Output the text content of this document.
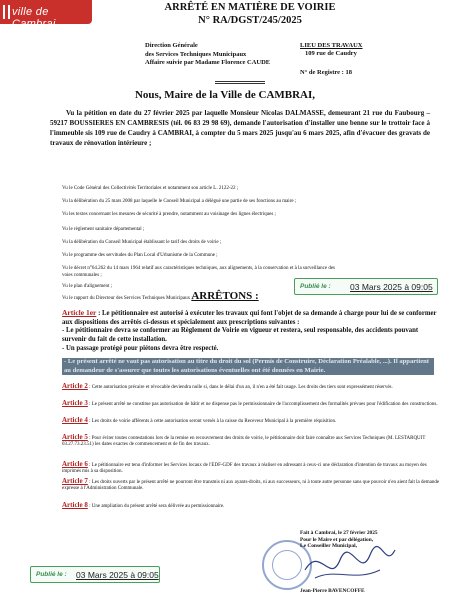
ville de Cambrai
ARRÊTÉ EN MATIÈRE DE VOIRIE
N° RA/DGST/245/2025
Direction Générale
des Services Techniques Municipaux
Affaire suivie par Madame Florence CAUDE
LIEU DES TRAVAUX
109 rue de Caudry
N° de Registre : 18
Nous, Maire de la Ville de CAMBRAI,
Vu la pétition en date du 27 février 2025 par laquelle Monsieur Nicolas DALMASSE, demeurant 21 rue du Faubourg – 59217 BOUSSIERES EN CAMBRESIS (tél. 06 83 29 98 69), demande l'autorisation d'installer une benne sur le trottoir face à l'immeuble sis 109 rue de Caudry à CAMBRAI, à compter du 5 mars 2025 jusqu'au 6 mars 2025, afin d'évacuer des gravats de travaux de rénovation intérieure ;
Vu le Code Général des Collectivités Territoriales et notamment son article L. 2122-22 ;
Vu la délibération du 25 mars 2008 par laquelle le Conseil Municipal a délégué une partie de ses fonctions au maire ;
Vu les textes concernant les mesures de sécurité à prendre, notamment au voisinage des lignes électriques ;
Vu le règlement sanitaire départemental ;
Vu la délibération du Conseil Municipal établissant le tarif des droits de voirie ;
Vu le programme des servitudes du Plan Local d'Urbanisme de la Commune ;
Vu le décret n°64.262 du 14 mars 1964 relatif aux caractéristiques techniques, aux alignements, à la conservation et à la surveillance des
voies communales ;
Vu le plan d'alignement ;
Vu le rapport du Directeur des Services Techniques Municipaux ;
Publié le : 03 Mars 2025 à 09:05
ARRÊTONS :
Article 1er : Le pétitionnaire est autorisé à exécuter les travaux qui font l'objet de sa demande à charge pour lui de se conformer aux dispositions des arrêtés ci-dessus et spécialement aux prescriptions suivantes :
- Le pétitionnaire devra se conformer au Règlement de Voirie en vigueur et restera, seul responsable, des accidents pouvant survenir du fait de cette installation.
- Un passage protégé pour piétons devra être respecté.
- Le présent arrêté ne vaut pas autorisation au titre du droit du sol (Permis de Construire, Déclaration Préalable, ...). Il appartient au demandeur de s'assurer que toutes les autorisations éventuelles ont été données en Mairie.
Article 2 : Cette autorisation précaire et révocable deviendra nulle si, dans le délai d'un an, il n'en a été fait usage. Les droits des tiers sont expressément réservés.
Article 3 : Le présent arrêté ne constitue pas autorisation de bâtir et ne dispense pas le permissionnaire de l'accomplissement des formalités prévues pour l'édification des constructions.
Article 4 : Les droits de voirie afférents à cette autorisation seront versés à la caisse du Receveur Municipal à la première réquisition.
Article 5 : Pour éviter toutes contestations lors de la remise en recouvrement des droits de voirie, le pétitionnaire doit faire connaître aux Services Techniques (M. LESTARQUIT 03.27.73.23.51) les dates exactes de commencement et de fin des travaux.
Article 6 : Le pétitionnaire est tenu d'informer les Services locaux de l'EDF-GDF des travaux à réaliser en adressant à ceux-ci une déclaration d'intention de travaux au moyen des imprimés mis à sa disposition.
Article 7 : Les droits ouverts par le présent arrêté ne pourront être transmis ni aux ayants-droits, ni aux successeurs, ni à toute autre personne sans que pouvoir n'en aient fait la demande expresse à l'Administration Communale.
Article 8 : Une ampliation du présent arrêté sera délivrée au permissionnaire.
Fait à Cambrai, le 27 février 2025
Pour le Maire et par délégation,
Le Conseiller Municipal,
Jean-Pierre BAVENCOFFE
Publié le : 03 Mars 2025 à 09:05
